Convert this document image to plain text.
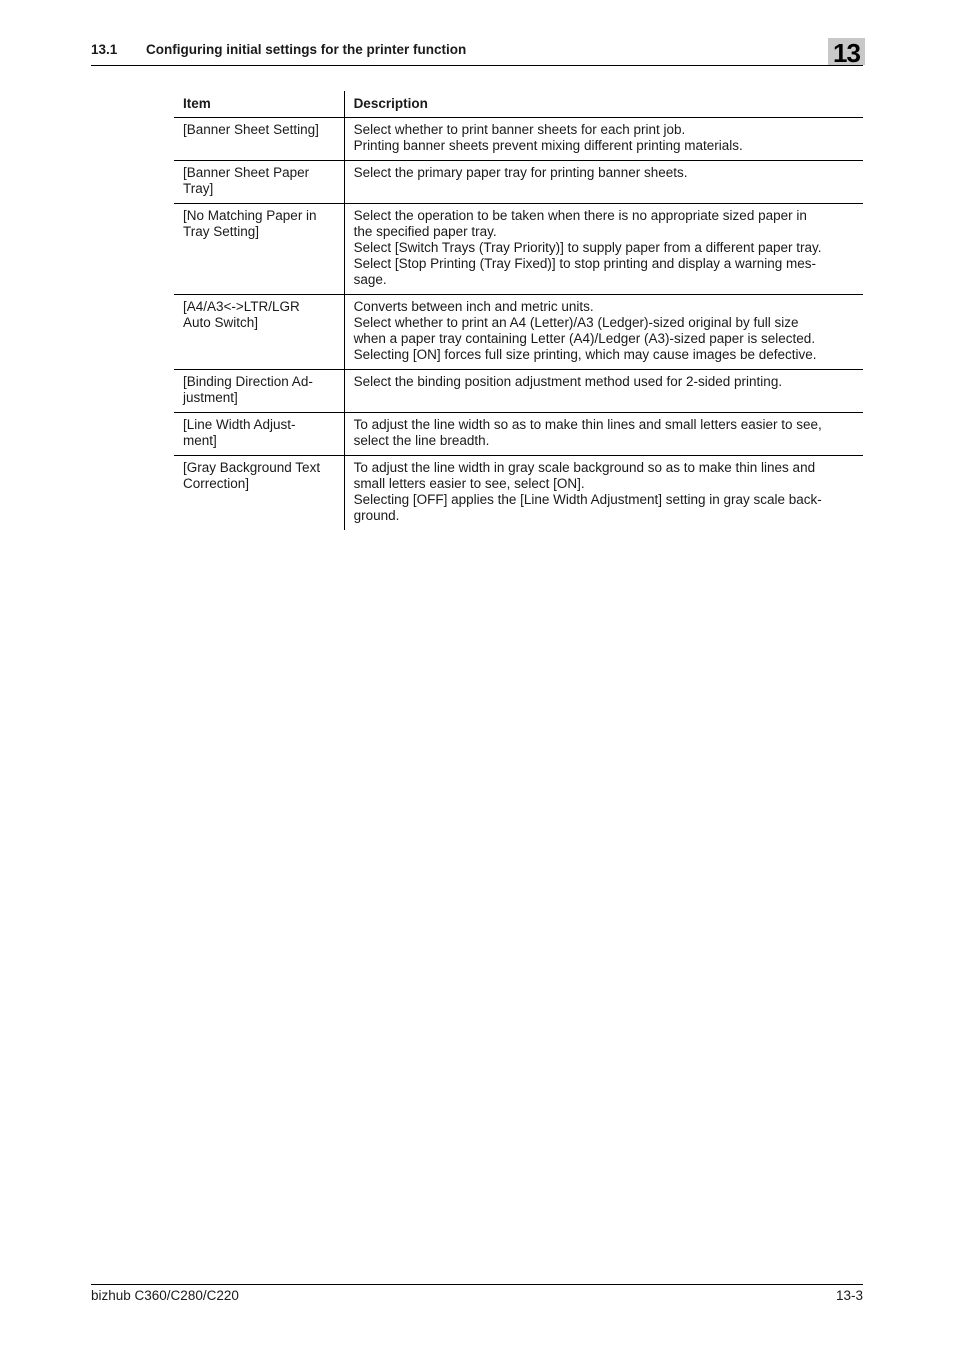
13.1 Configuring initial settings for the printer function	13
Item	Description

[Banner Sheet Setting]	Select whether to print banner sheets for each print job.
Printing banner sheets prevent mixing different printing materials.

[Banner Sheet Paper
Tray]	Select the primary paper tray for printing banner sheets.

[No Matching Paper in
Tray Setting]	Select the operation to be taken when there is no appropriate sized paper in
the specified paper tray.
Select [Switch Trays (Tray Priority)] to supply paper from a different paper tray.
Select [Stop Printing (Tray Fixed)] to stop printing and display a warning mes-
sage.

[A4/A3<->LTR/LGR
Auto Switch]	Converts between inch and metric units.
Select whether to print an A4 (Letter)/A3 (Ledger)-sized original by full size
when a paper tray containing Letter (A4)/Ledger (A3)-sized paper is selected.
Selecting [ON] forces full size printing, which may cause images be defective.

[Binding Direction Ad-
justment]	Select the binding position adjustment method used for 2-sided printing.

[Line Width Adjust-
ment]	To adjust the line width so as to make thin lines and small letters easier to see,
select the line breadth.

[Gray Background Text
Correction]	To adjust the line width in gray scale background so as to make thin lines and
small letters easier to see, select [ON].
Selecting [OFF] applies the [Line Width Adjustment] setting in gray scale back-
ground.
bizhub C360/C280/C220	13-3
